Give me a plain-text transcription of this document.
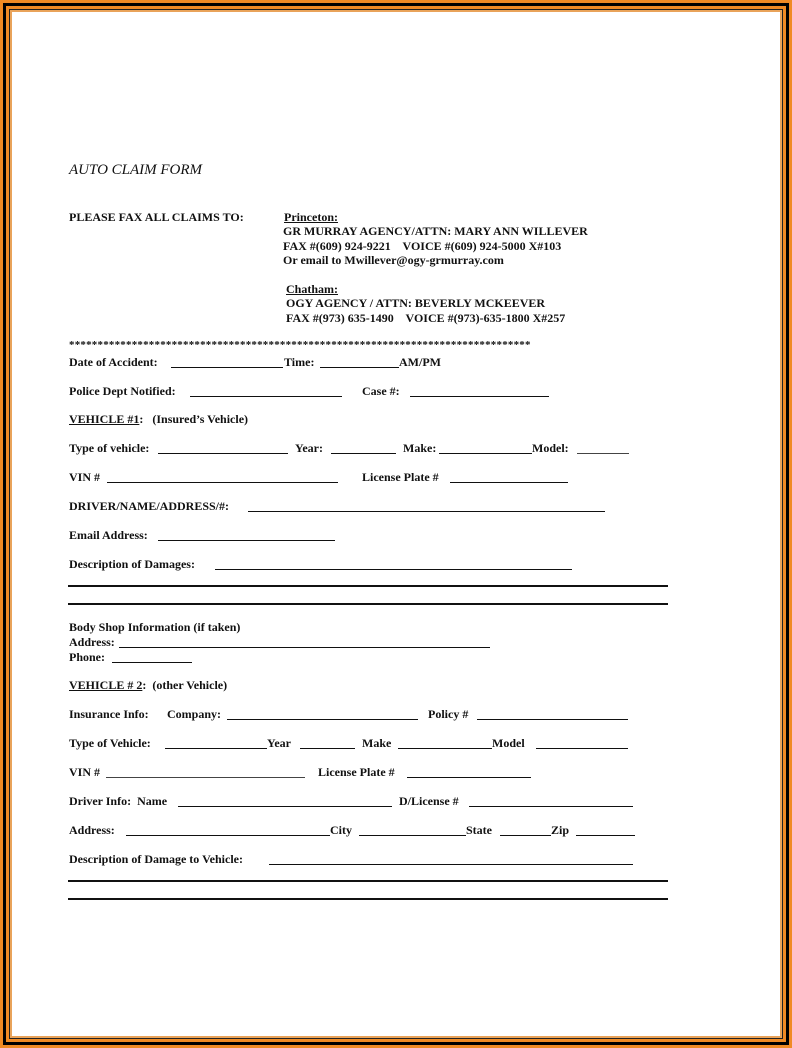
AUTO CLAIM FORM
PLEASE FAX ALL CLAIMS TO:	Princeton:
GR MURRAY AGENCY/ATTN: MARY ANN WILLEVER
FAX #(609) 924-9221    VOICE #(609) 924-5000 X#103
Or email to Mwillever@ogy-grmurray.com
Chatham:
OGY AGENCY / ATTN: BEVERLY MCKEEVER
FAX #(973) 635-1490    VOICE #(973)-635-1800 X#257
*********************************************************************************
Date of Accident:	Time:	AM/PM
Police Dept Notified:	Case #:
VEHICLE #1:   (Insured’s Vehicle)
Type of vehicle:	Year:	Make:	Model:
VIN #	License Plate #
DRIVER/NAME/ADDRESS/#:
Email Address:
Description of Damages:
Body Shop Information (if taken)
Address:
Phone:
VEHICLE # 2:  (other Vehicle)
Insurance Info: Company:	Policy #
Type of Vehicle:	Year	Make	Model
VIN #	License Plate #
Driver Info:  Name	D/License #
Address:	City	State	Zip
Description of Damage to Vehicle:
